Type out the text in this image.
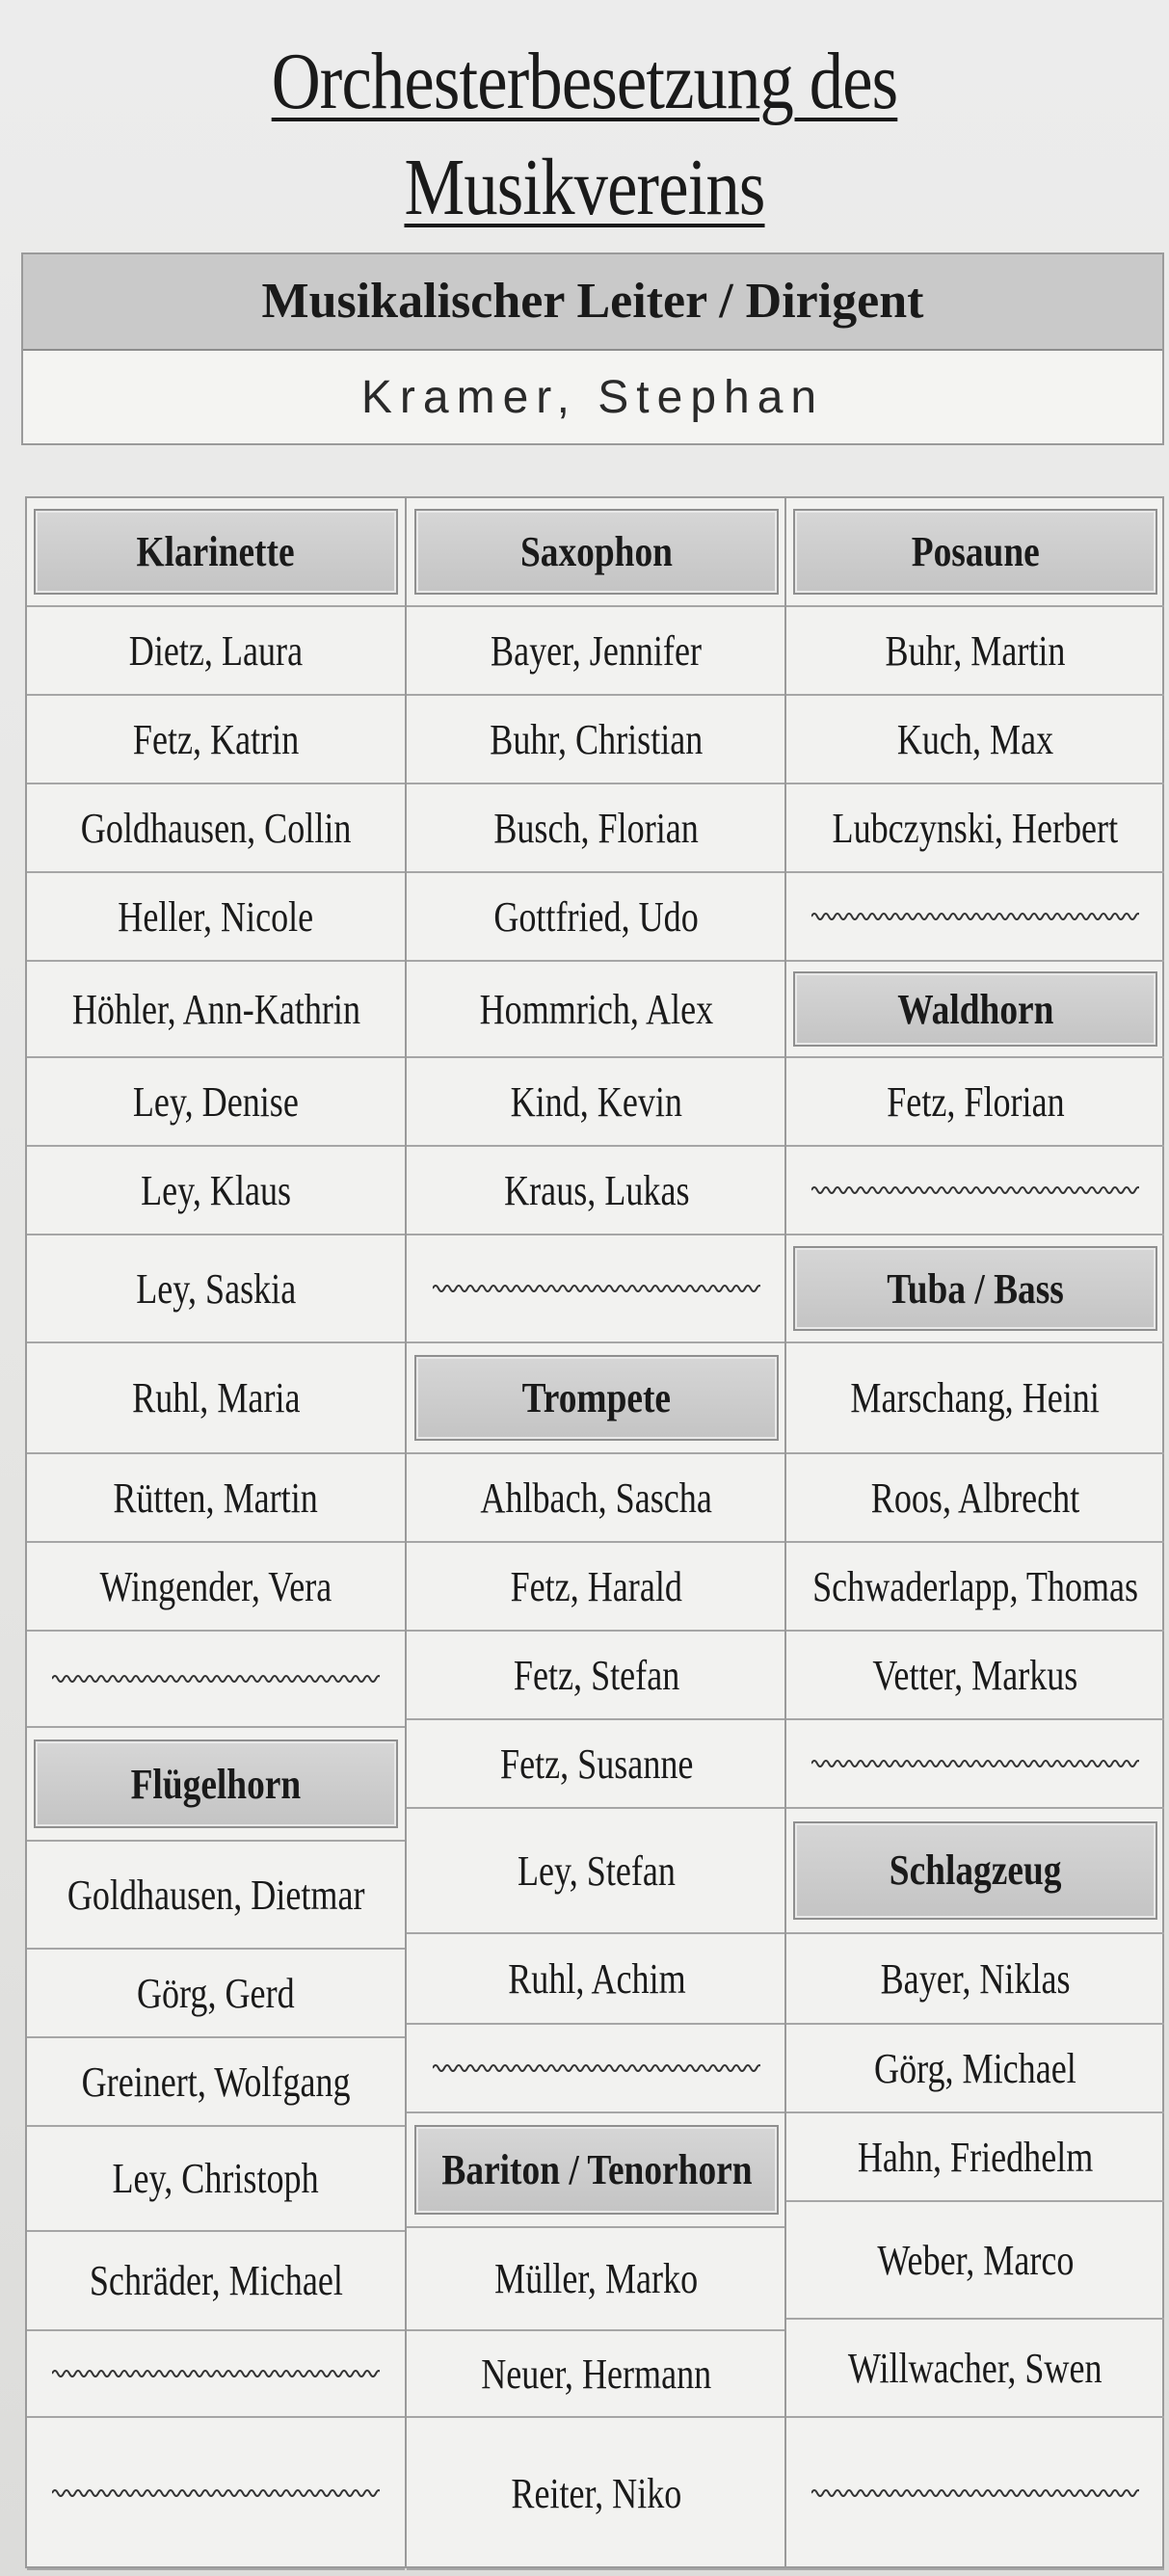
Orchesterbesetzung des Musikvereins
Musikalischer Leiter / Dirigent
Kramer, Stephan
Klarinette
Dietz, Laura
Fetz, Katrin
Goldhausen, Collin
Heller, Nicole
Höhler, Ann-Kathrin
Ley, Denise
Ley, Klaus
Ley, Saskia
Ruhl, Maria
Rütten, Martin
Wingender, Vera
Flügelhorn
Goldhausen, Dietmar
Görg, Gerd
Greinert, Wolfgang
Ley, Christoph
Schräder, Michael
Saxophon
Bayer, Jennifer
Buhr, Christian
Busch, Florian
Gottfried, Udo
Hommrich, Alex
Kind, Kevin
Kraus, Lukas
Trompete
Ahlbach, Sascha
Fetz, Harald
Fetz, Stefan
Fetz, Susanne
Ley, Stefan
Ruhl, Achim
Bariton / Tenorhorn
Müller, Marko
Neuer, Hermann
Reiter, Niko
Posaune
Buhr, Martin
Kuch, Max
Lubczynski, Herbert
Waldhorn
Fetz, Florian
Tuba / Bass
Marschang, Heini
Roos, Albrecht
Schwaderlapp, Thomas
Vetter, Markus
Schlagzeug
Bayer, Niklas
Görg, Michael
Hahn, Friedhelm
Weber, Marco
Willwacher, Swen
